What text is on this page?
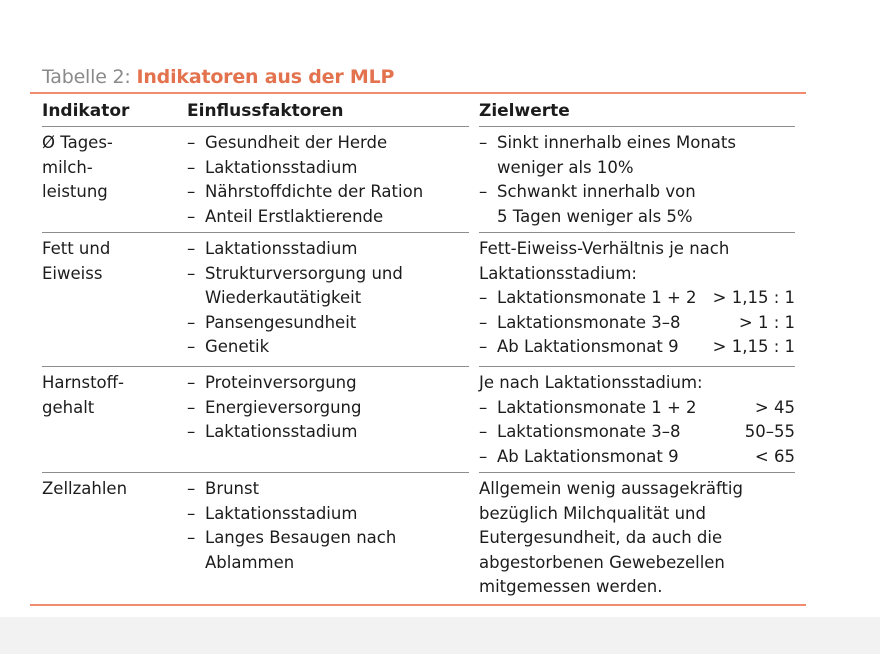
Tabelle 2: Indikatoren aus der MLP
Indikator	Einflussfaktoren	Zielwerte
Ø Tages-
milch-
leistung
– Gesundheit der Herde
– Laktationsstadium
– Nährstoffdichte der Ration
– Anteil Erstlaktierende
– Sinkt innerhalb eines Monats
weniger als 10%
– Schwankt innerhalb von
5 Tagen weniger als 5%
Fett und
Eiweiss
– Laktationsstadium
– Strukturversorgung und
Wiederkautätigkeit
– Pansengesundheit
– Genetik
Fett-Eiweiss-Verhältnis je nach
Laktationsstadium:
– Laktationsmonate 1 + 2 > 1,15 : 1
– Laktationsmonate 3–8	> 1 : 1
– Ab Laktationsmonat 9 > 1,15 : 1
Harnstoff-
gehalt
– Proteinversorgung
– Energieversorgung
– Laktationsstadium
Je nach Laktationsstadium:
– Laktationsmonate 1 + 2	> 45
– Laktationsmonate 3–8	50–55
– Ab Laktationsmonat 9	< 65
Zellzahlen
–	Brunst
– Laktationsstadium
– Langes Besaugen nach
Ablammen
Allgemein wenig aussagekräftig
bezüglich Milchqualität und
Eutergesundheit, da auch die
abgestorbenen Gewebezellen
mitgemessen werden.
